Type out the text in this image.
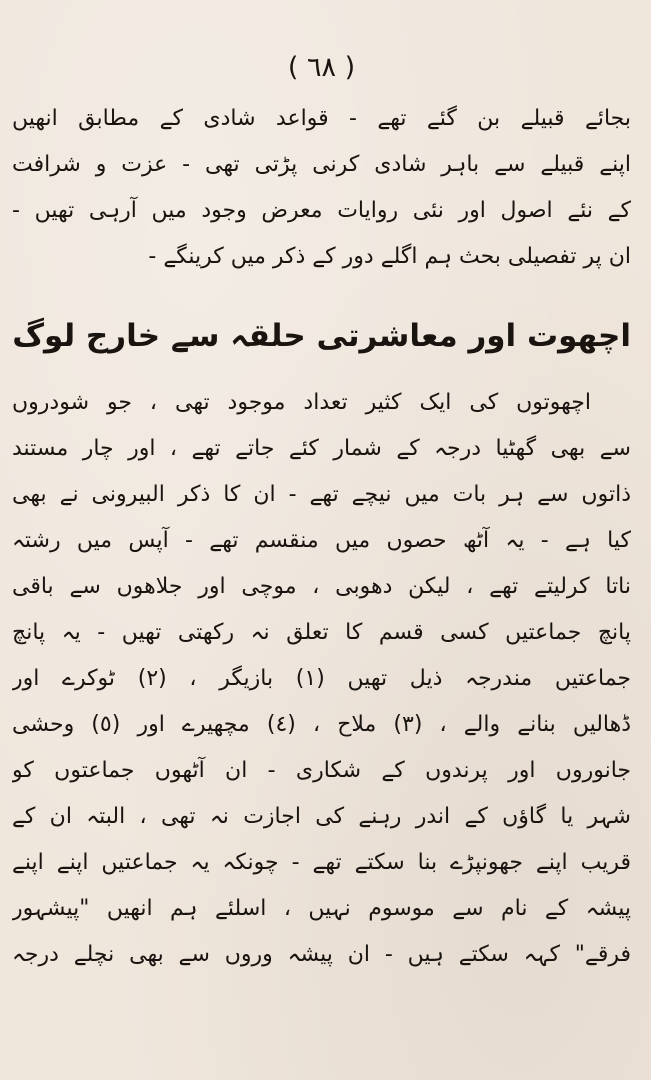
( ٦٨ )
بجائے قبیلے بن گئے تھے - قواعد شادی کے مطابق انھیں
اپنے قبیلے سے باہر شادی کرنی پڑتی تھی - عزت و شرافت
کے نئے اصول اور نئی روایات معرض وجود میں آرہی تھیں -
ان پر تفصیلی بحث ہم اگلے دور کے ذکر میں کرینگے -
اچھوت اور معاشرتی حلقہ سے خارج لوگ
اچھوتوں کی ایک کثیر تعداد موجود تھی ، جو شودروں
سے بھی گھٹیا درجہ کے شمار کئے جاتے تھے ، اور چار مستند
ذاتوں سے ہر بات میں نیچے تھے - ان کا ذکر البیرونی نے بھی
کیا ہے - یہ آٹھ حصوں میں منقسم تھے - آپس میں رشتہ
ناتا کرلیتے تھے ، لیکن دھوبی ، موچی اور جلاھوں سے باقی
پانچ جماعتیں کسی قسم کا تعلق نہ رکھتی تھیں - یہ پانچ
جماعتیں مندرجہ ذیل تھیں (١) بازیگر ، (٢) ٹوکرے اور
ڈھالیں بنانے والے ، (٣) ملاح ، (٤) مچھیرے اور (٥) وحشی
جانوروں اور پرندوں کے شکاری - ان آٹھوں جماعتوں کو
شہر یا گاؤں کے اندر رہنے کی اجازت نہ تھی ، البتہ ان کے
قریب اپنے جھونپڑے بنا سکتے تھے - چونکہ یہ جماعتیں اپنے اپنے
پیشہ کے نام سے موسوم نہیں ، اسلئے ہم انھیں "پیشہور
فرقے" کہہ سکتے ہیں - ان پیشہ وروں سے بھی نچلے درجہ
